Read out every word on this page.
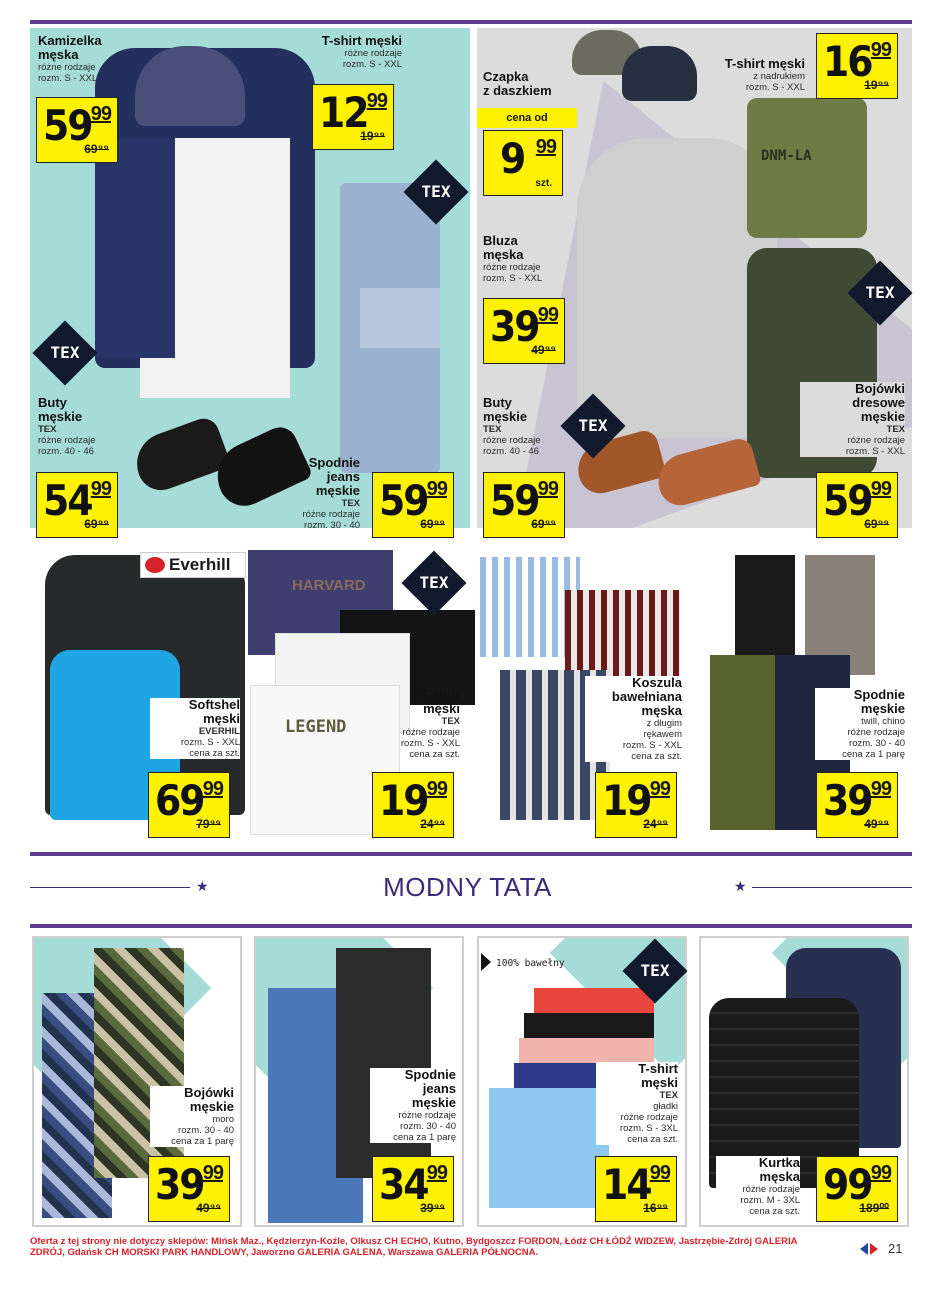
DNM-LA
LEGEND
HARVARD
Everhill
★	MODNY TATA	★
100% bawełny
TEX
TEX
TEX
TEX
TEX
TEX
Kamizelka
męska
różne rodzaje
rozm. S - XXL
T-shirt męski
różne rodzaje
rozm. S - XXL
Buty
męskie
TEX
różne rodzaje
rozm. 40 - 46
Spodnie
jeans
męskie
TEX
różne rodzaje
rozm. 30 - 40
Czapka
z daszkiem
cena od
T-shirt męski
z nadrukiem
rozm. S - XXL
Bluza
męska
różne rodzaje
rozm. S - XXL
Buty
męskie
TEX
różne rodzaje
rozm. 40 - 46
Bojówki
dresowe
męskie
TEX
różne rodzaje
rozm. S - XXL
Softshel
męski
EVERHIL
rozm. S - XXL
cena za szt.
T-shirt
męski
TEX
różne rodzaje
rozm. S - XXL
cena za szt.
Koszula
bawełniana
męska
z długim
rękawem
rozm. S - XXL
cena za szt.
Spodnie
męskie
twill, chino
różne rodzaje
rozm. 30 - 40
cena za 1 parę
Bojówki
męskie
moro
rozm. 30 - 40
cena za 1 parę
Spodnie
jeans
męskie
różne rodzaje
rozm. 30 - 40
cena za 1 parę
T-shirt
męski
TEX
gładki
różne rodzaje
rozm. S - 3XL
cena za szt.
Kurtka
męska
różne rodzaje
rozm. M - 3XL
cena za szt.
59 99
69⁹⁹
12 99
19⁹⁹
54 99
69⁹⁹	59 99
69⁹⁹
9 99
szt.
16 99
19⁹⁹
39 99
49⁹⁹
59 99
69⁹⁹	59 99
69⁹⁹
69 99
79⁹⁹	19 99
24⁹⁹	19 99
24⁹⁹	39 99
49⁹⁹
39 99
49⁹⁹	34 99
39⁹⁹	14 99
16⁹⁹	99 99
189⁰⁰
Oferta z tej strony nie dotyczy sklepów: Mińsk Maz., Kędzierzyn-Koźle, Olkusz CH ECHO, Kutno, Bydgoszcz FORDON, Łódź CH ŁÓDŹ WIDZEW, Jastrzębie-Zdrój GALERIA ZDRÓJ, Gdańsk CH MORSKI PARK HANDLOWY, Jaworzno GALERIA GALENA, Warszawa GALERIA PÓŁNOCNA.	21
